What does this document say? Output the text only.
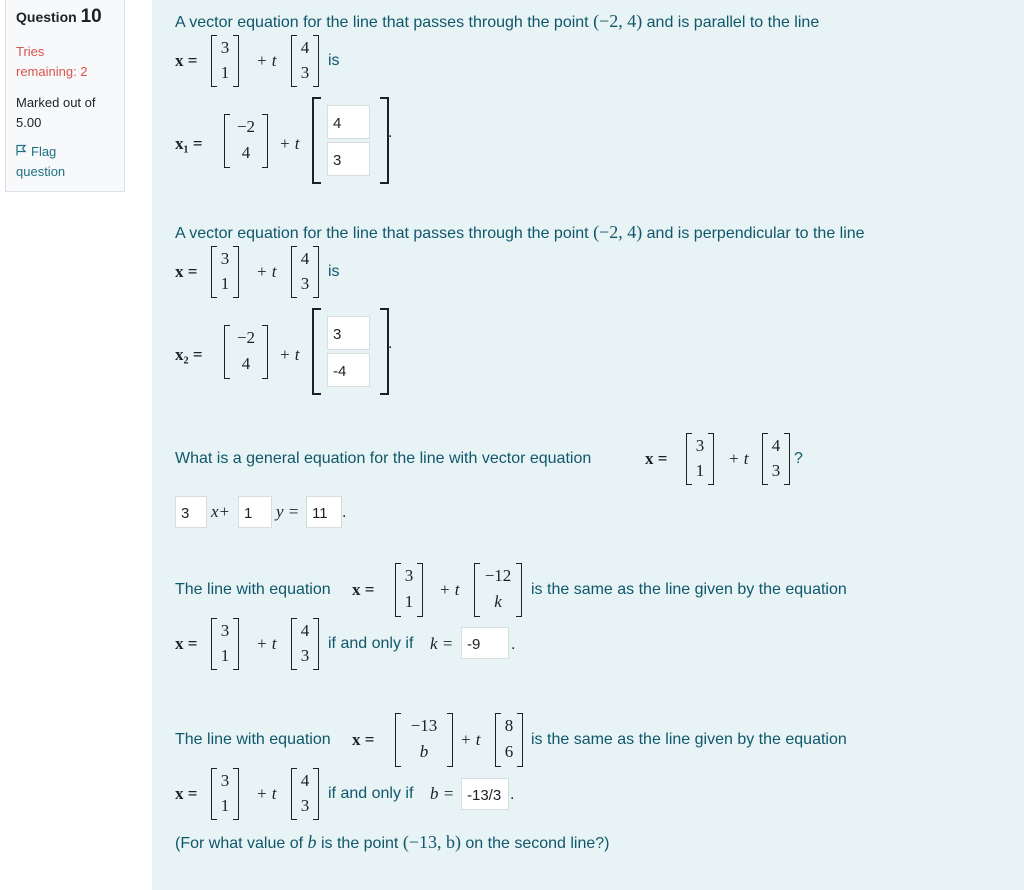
Question 10
Tries
remaining: 2
Marked out of
5.00
Flag
question
A vector equation for the line that passes through the point (−2, 4) and is parallel to the line
x =
3
1
+ t
4
3
is
x₁ =
−2
4	+ t
4
3
.
A vector equation for the line that passes through the point (−2, 4) and is perpendicular to the line
x =
3
1
+ t
4
3
is
x₂ =
−2
4	+ t
3
-4
.
What is a general equation for the line with vector equation	x =
3
1
+ t
4
3
?
3
x+
1	y =
11	.
The line with equation x =
3
1
+ t
−12
k
is the same as the line given by the equation
x =
3
1
+ t
4
3
if and only if k =
-9	.
The line with equation x =
−13
b
+ t
8
6
is the same as the line given by the equation
x =
3
1
+ t
4
3
if and only if b =
-13/3	.
(For what value of b is the point (−13, b) on the second line?)
